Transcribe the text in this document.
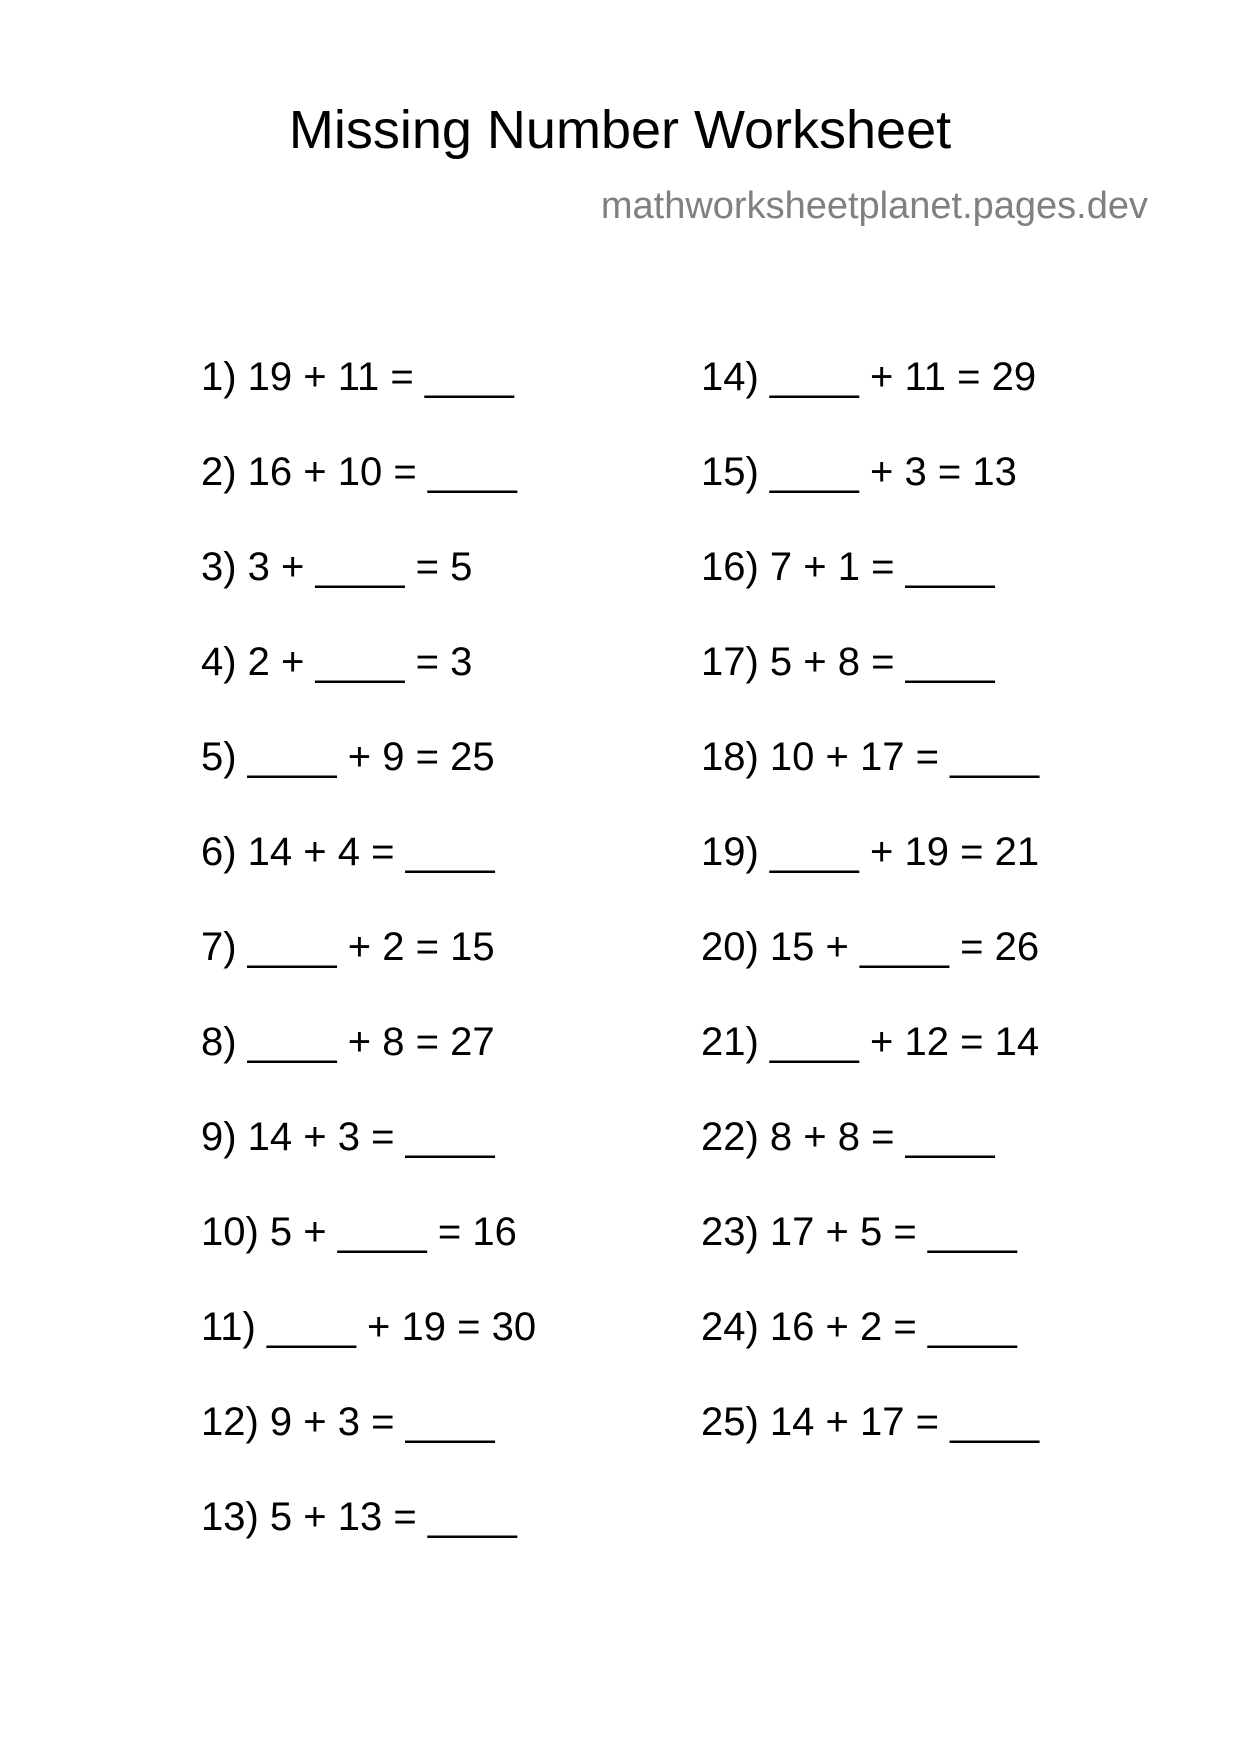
Missing Number Worksheet
mathworksheetplanet.pages.dev
1) 19 + 11 = ____
2) 16 + 10 = ____
3) 3 + ____ = 5
4) 2 + ____ = 3
5) ____ + 9 = 25
6) 14 + 4 = ____
7) ____ + 2 = 15
8) ____ + 8 = 27
9) 14 + 3 = ____
10) 5 + ____ = 16
11) ____ + 19 = 30
12) 9 + 3 = ____
13) 5 + 13 = ____
14) ____ + 11 = 29
15) ____ + 3 = 13
16) 7 + 1 = ____
17) 5 + 8 = ____
18) 10 + 17 = ____
19) ____ + 19 = 21
20) 15 + ____ = 26
21) ____ + 12 = 14
22) 8 + 8 = ____
23) 17 + 5 = ____
24) 16 + 2 = ____
25) 14 + 17 = ____
